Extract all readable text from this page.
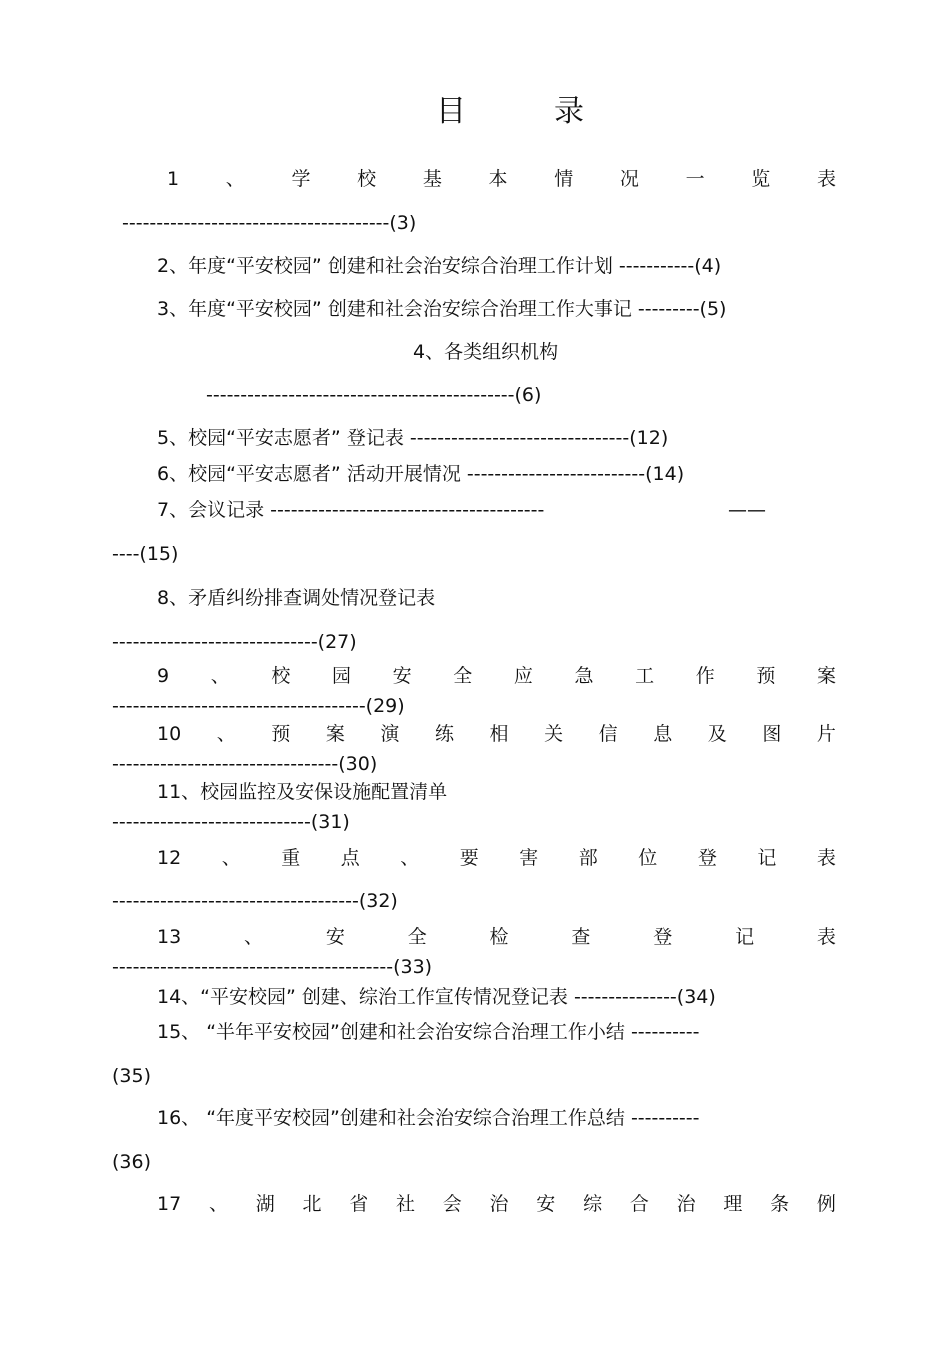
目	录
1 、 学 校 基 本 情 况 一 览 表
---------------------------------------(3)
2、年度“平安校园” 创建和社会治安综合治理工作计划 -----------(4)
3、年度“平安校园” 创建和社会治安综合治理工作大事记 ---------(5)
4、各类组织机构
---------------------------------------------(6)
5、校园“平安志愿者” 登记表 --------------------------------(12)
6、校园“平安志愿者” 活动开展情况 --------------------------(14)
7、会议记录 ----------------------------------------	——
----(15)
8、矛盾纠纷排查调处情况登记表
------------------------------(27)
9 、 校 园 安 全 应 急 工 作 预 案
-------------------------------------(29)
10 、 预 案 演 练 相 关 信 息 及 图 片
---------------------------------(30)
11、校园监控及安保设施配置清单
-----------------------------(31)
12 、 重 点 、 要 害 部 位 登 记 表
------------------------------------(32)
13	、	安	全	检	查	登	记	表
-----------------------------------------(33)
14、“平安校园” 创建、综治工作宣传情况登记表 ---------------(34)
15、 “半年平安校园”创建和社会治安综合治理工作小结 ----------
(35)
16、 “年度平安校园”创建和社会治安综合治理工作总结 ----------
(36)
17 、 湖 北 省 社 会 治 安 综 合 治 理 条 例
